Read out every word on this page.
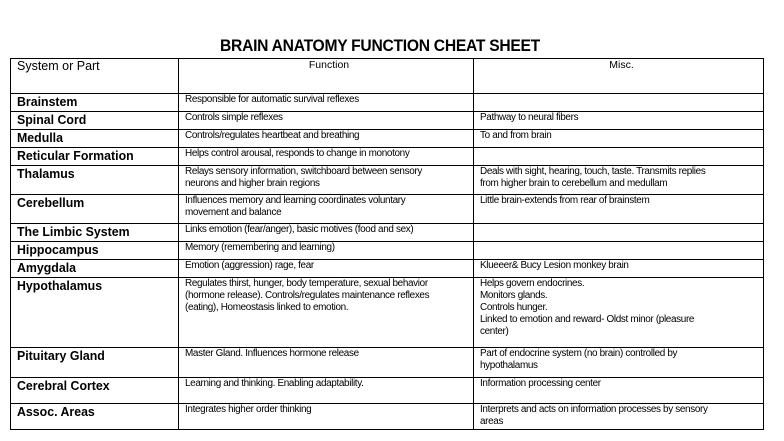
BRAIN ANATOMY FUNCTION CHEAT SHEET
System or Part	Function	Misc.

Brainstem	Responsible for automatic survival reflexes	

Spinal Cord	Controls simple reflexes	Pathway to neural fibers

Medulla	Controls/regulates heartbeat and breathing	To and from brain

Reticular Formation	Helps control arousal, responds to change in monotony	

Thalamus	Relays sensory information, switchboard between sensory
neurons and higher brain regions	Deals with sight, hearing, touch, taste. Transmits replies
from higher brain to cerebellum and medullam

Cerebellum	Influences memory and learning coordinates voluntary
movement and balance	Little brain-extends from rear of brainstem

The Limbic System	Links emotion (fear/anger), basic motives (food and sex)	

Hippocampus	Memory (remembering and learning)	

Amygdala	Emotion (aggression) rage, fear	Klueeer& Bucy Lesion monkey brain

Hypothalamus	Regulates thirst, hunger, body temperature, sexual behavior
(hormone release). Controls/regulates maintenance reflexes
(eating), Homeostasis linked to emotion.	Helps govern endocrines.
Monitors glands.
Controls hunger.
Linked to emotion and reward- Oldst minor (pleasure
center)

Pituitary Gland	Master Gland. Influences hormone release	Part of endocrine system (no brain) controlled by
hypothalamus

Cerebral Cortex	Learning and thinking. Enabling adaptability.	Information processing center

Assoc. Areas	Integrates higher order thinking	Interprets and acts on information processes by sensory
areas
